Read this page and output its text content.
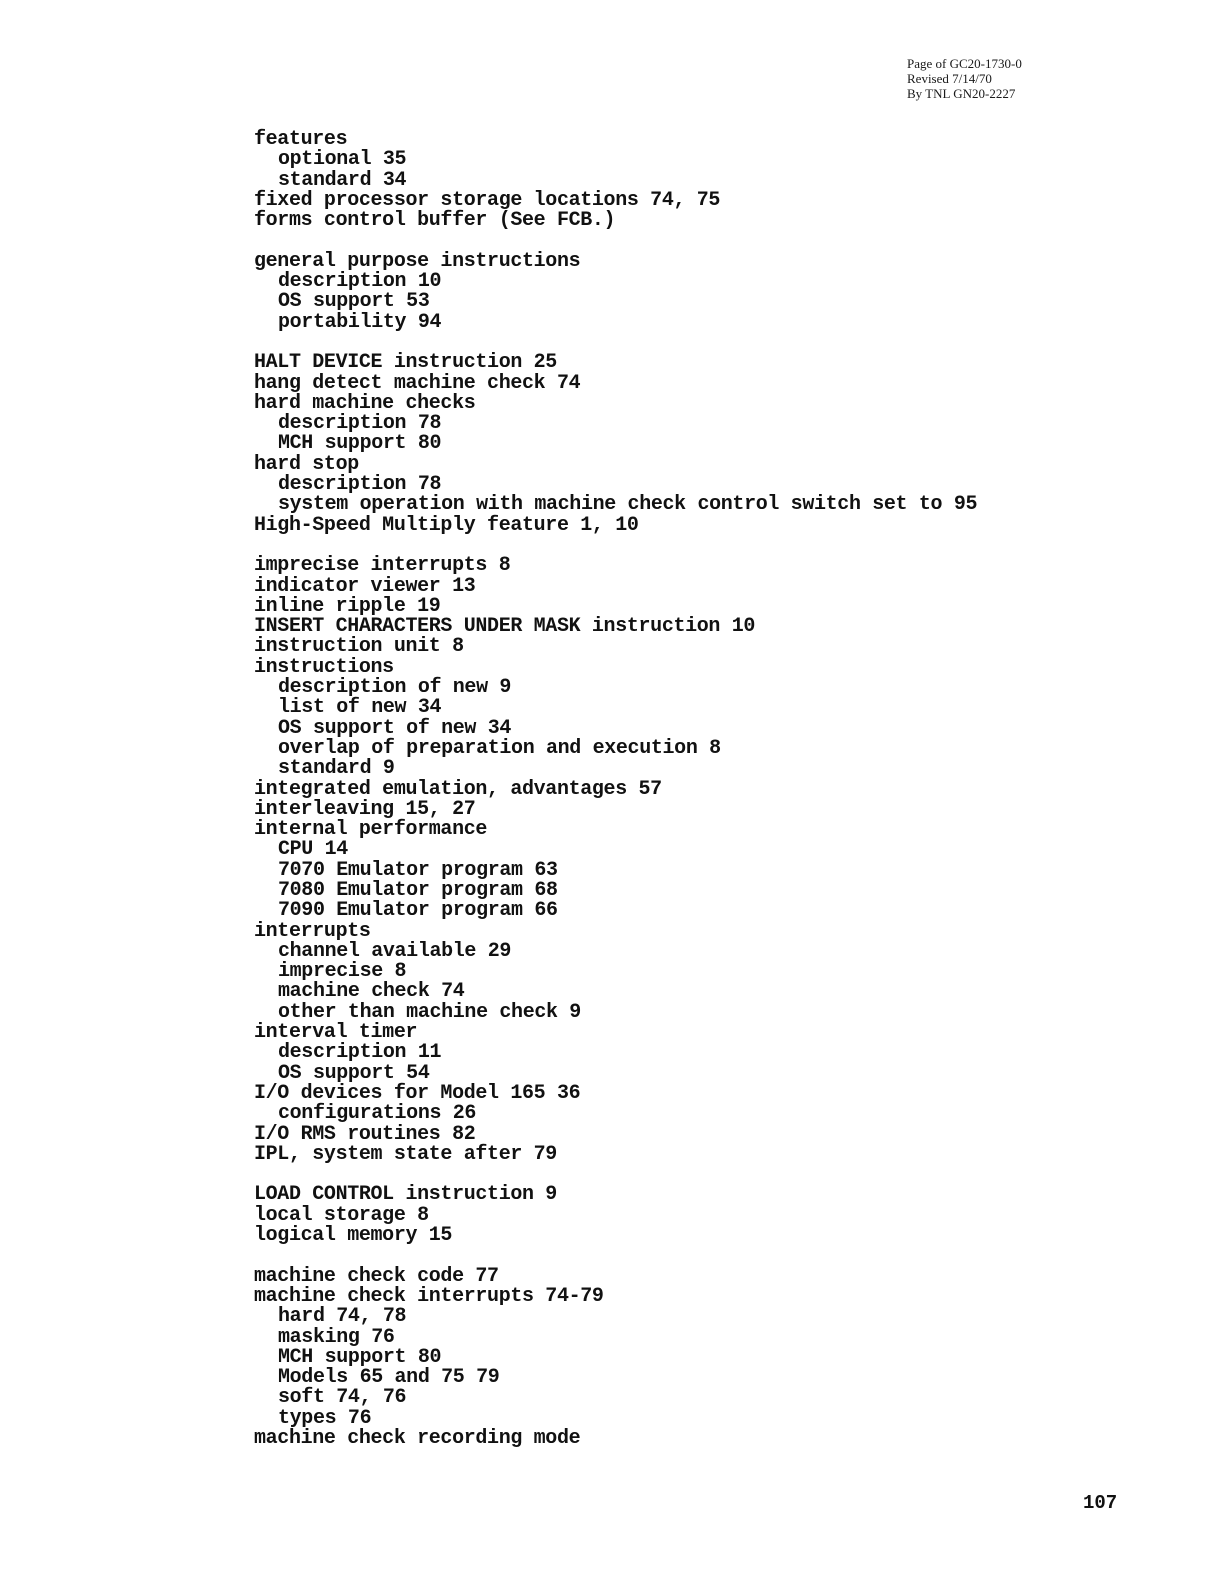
Page of GC20-1730-0
Revised 7/14/70
By TNL GN20-2227
features
optional 35
standard 34
fixed processor storage locations 74, 75
forms control buffer (See FCB.)
general purpose instructions
description 10
OS support 53
portability 94
HALT DEVICE instruction 25
hang detect machine check 74
hard machine checks
description 78
MCH support 80
hard stop
description 78
system operation with machine check control switch set to 95
High-Speed Multiply feature 1, 10
imprecise interrupts 8
indicator viewer 13
inline ripple 19
INSERT CHARACTERS UNDER MASK instruction 10
instruction unit 8
instructions
description of new 9
list of new 34
OS support of new 34
overlap of preparation and execution 8
standard 9
integrated emulation, advantages 57
interleaving 15, 27
internal performance
CPU 14
7070 Emulator program 63
7080 Emulator program 68
7090 Emulator program 66
interrupts
channel available 29
imprecise 8
machine check 74
other than machine check 9
interval timer
description 11
OS support 54
I/O devices for Model 165 36
configurations 26
I/O RMS routines 82
IPL, system state after 79
LOAD CONTROL instruction 9
local storage 8
logical memory 15
machine check code 77
machine check interrupts 74-79
hard 74, 78
masking 76
MCH support 80
Models 65 and 75 79
soft 74, 76
types 76
machine check recording mode
107
